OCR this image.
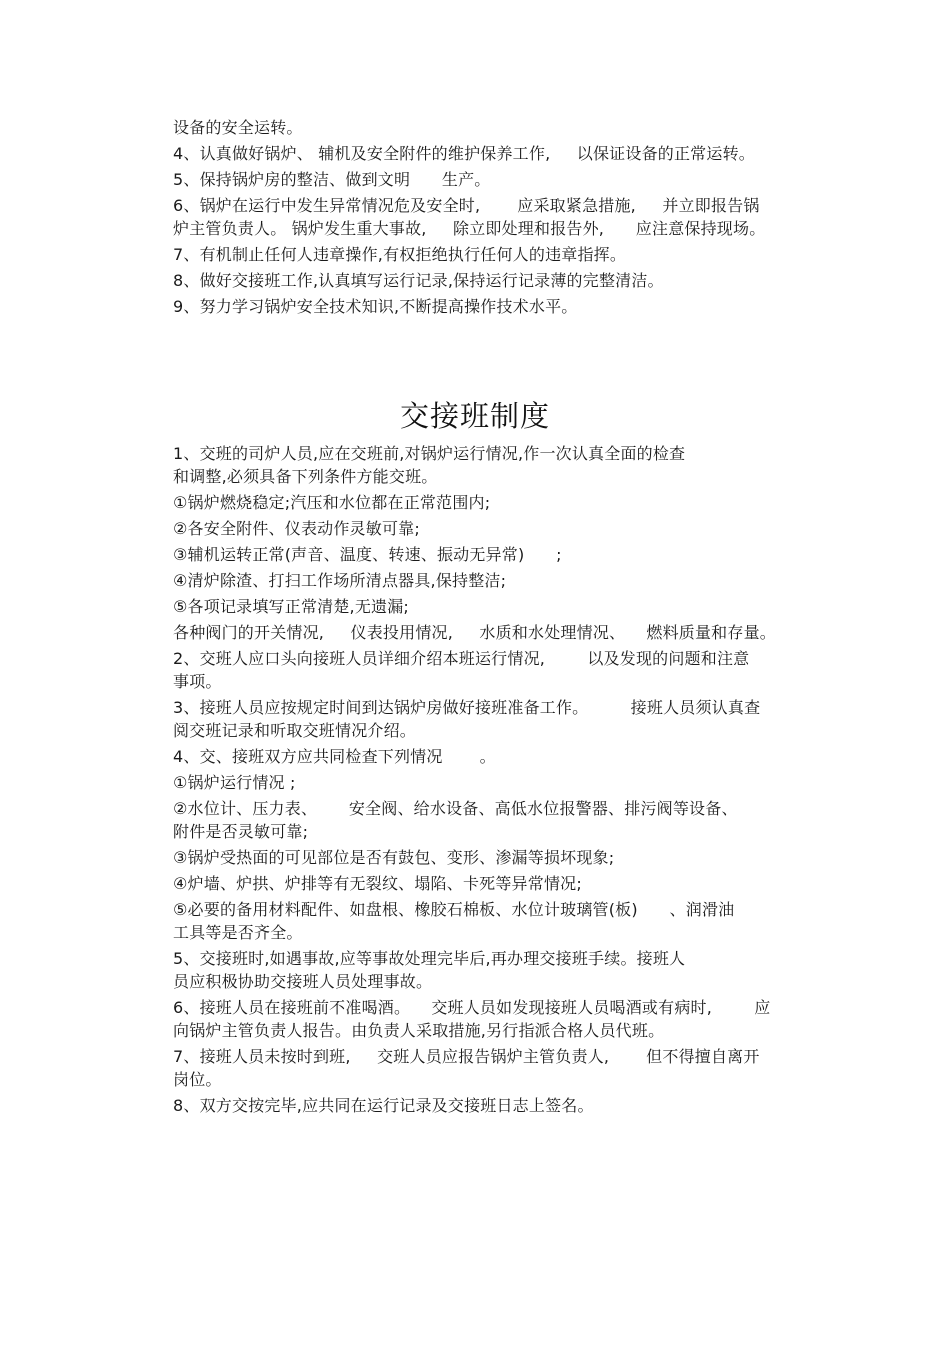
设备的安全运转。
4、认真做好锅炉、 辅机及安全附件的维护保养工作,     以保证设备的正常运转。
5、保持锅炉房的整洁、做到文明      生产。
6、锅炉在运行中发生异常情况危及安全时,       应采取紧急措施,     并立即报告锅
炉主管负责人。 锅炉发生重大事故,     除立即处理和报告外,      应注意保持现场。
7、有机制止任何人违章操作,有权拒绝执行任何人的违章指挥。
8、做好交接班工作,认真填写运行记录,保持运行记录薄的完整清洁。
9、努力学习锅炉安全技术知识,不断提高操作技术水平。
交接班制度
1、交班的司炉人员,应在交班前,对锅炉运行情况,作一次认真全面的检查
和调整,必须具备下列条件方能交班。
①锅炉燃烧稳定;汽压和水位都在正常范围内;
②各安全附件、仪表动作灵敏可靠;
③辅机运转正常(声音、温度、转速、振动无异常)      ;
④清炉除渣、打扫工作场所清点器具,保持整洁;
⑤各项记录填写正常清楚,无遗漏;
各种阀门的开关情况,     仪表投用情况,     水质和水处理情况、    燃料质量和存量。
2、交班人应口头向接班人员详细介绍本班运行情况,        以及发现的问题和注意
事项。
3、接班人员应按规定时间到达锅炉房做好接班准备工作。        接班人员须认真查
阅交班记录和听取交班情况介绍。
4、交、接班双方应共同检查下列情况       。
①锅炉运行情况 ;
②水位计、压力表、      安全阀、给水设备、高低水位报警器、排污阀等设备、
附件是否灵敏可靠;
③锅炉受热面的可见部位是否有鼓包、变形、渗漏等损坏现象;
④炉墙、炉拱、炉排等有无裂纹、塌陷、卡死等异常情况;
⑤必要的备用材料配件、如盘根、橡胶石棉板、水位计玻璃管(板)      、润滑油
工具等是否齐全。
5、交接班时,如遇事故,应等事故处理完毕后,再办理交接班手续。接班人
员应积极协助交接班人员处理事故。
6、接班人员在接班前不准喝酒。    交班人员如发现接班人员喝酒或有病时,        应
向锅炉主管负责人报告。由负责人采取措施,另行指派合格人员代班。
7、接班人员未按时到班,     交班人员应报告锅炉主管负责人,       但不得擅自离开
岗位。
8、双方交按完毕,应共同在运行记录及交接班日志上签名。
